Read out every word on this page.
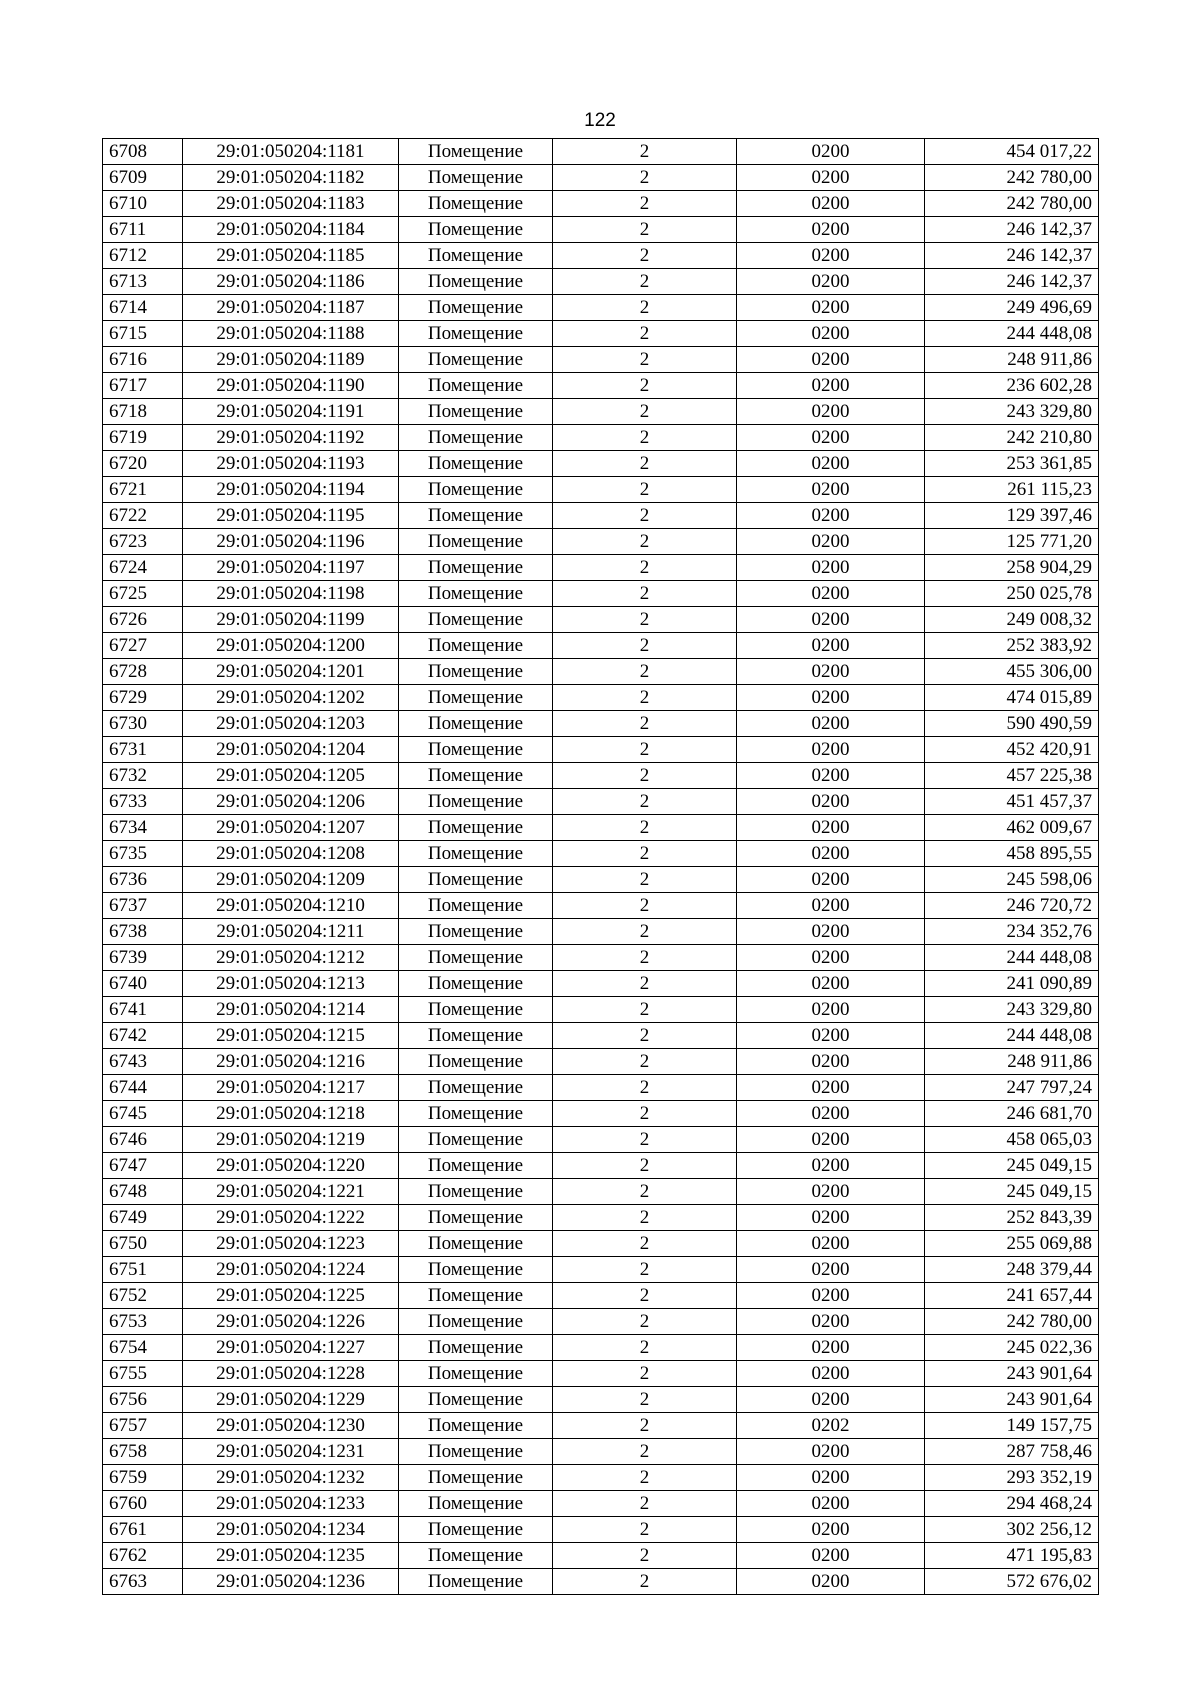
122
6708	29:01:050204:1181	Помещение	2	0200	454 017,22
6709	29:01:050204:1182	Помещение	2	0200	242 780,00
6710	29:01:050204:1183	Помещение	2	0200	242 780,00
6711	29:01:050204:1184	Помещение	2	0200	246 142,37
6712	29:01:050204:1185	Помещение	2	0200	246 142,37
6713	29:01:050204:1186	Помещение	2	0200	246 142,37
6714	29:01:050204:1187	Помещение	2	0200	249 496,69
6715	29:01:050204:1188	Помещение	2	0200	244 448,08
6716	29:01:050204:1189	Помещение	2	0200	248 911,86
6717	29:01:050204:1190	Помещение	2	0200	236 602,28
6718	29:01:050204:1191	Помещение	2	0200	243 329,80
6719	29:01:050204:1192	Помещение	2	0200	242 210,80
6720	29:01:050204:1193	Помещение	2	0200	253 361,85
6721	29:01:050204:1194	Помещение	2	0200	261 115,23
6722	29:01:050204:1195	Помещение	2	0200	129 397,46
6723	29:01:050204:1196	Помещение	2	0200	125 771,20
6724	29:01:050204:1197	Помещение	2	0200	258 904,29
6725	29:01:050204:1198	Помещение	2	0200	250 025,78
6726	29:01:050204:1199	Помещение	2	0200	249 008,32
6727	29:01:050204:1200	Помещение	2	0200	252 383,92
6728	29:01:050204:1201	Помещение	2	0200	455 306,00
6729	29:01:050204:1202	Помещение	2	0200	474 015,89
6730	29:01:050204:1203	Помещение	2	0200	590 490,59
6731	29:01:050204:1204	Помещение	2	0200	452 420,91
6732	29:01:050204:1205	Помещение	2	0200	457 225,38
6733	29:01:050204:1206	Помещение	2	0200	451 457,37
6734	29:01:050204:1207	Помещение	2	0200	462 009,67
6735	29:01:050204:1208	Помещение	2	0200	458 895,55
6736	29:01:050204:1209	Помещение	2	0200	245 598,06
6737	29:01:050204:1210	Помещение	2	0200	246 720,72
6738	29:01:050204:1211	Помещение	2	0200	234 352,76
6739	29:01:050204:1212	Помещение	2	0200	244 448,08
6740	29:01:050204:1213	Помещение	2	0200	241 090,89
6741	29:01:050204:1214	Помещение	2	0200	243 329,80
6742	29:01:050204:1215	Помещение	2	0200	244 448,08
6743	29:01:050204:1216	Помещение	2	0200	248 911,86
6744	29:01:050204:1217	Помещение	2	0200	247 797,24
6745	29:01:050204:1218	Помещение	2	0200	246 681,70
6746	29:01:050204:1219	Помещение	2	0200	458 065,03
6747	29:01:050204:1220	Помещение	2	0200	245 049,15
6748	29:01:050204:1221	Помещение	2	0200	245 049,15
6749	29:01:050204:1222	Помещение	2	0200	252 843,39
6750	29:01:050204:1223	Помещение	2	0200	255 069,88
6751	29:01:050204:1224	Помещение	2	0200	248 379,44
6752	29:01:050204:1225	Помещение	2	0200	241 657,44
6753	29:01:050204:1226	Помещение	2	0200	242 780,00
6754	29:01:050204:1227	Помещение	2	0200	245 022,36
6755	29:01:050204:1228	Помещение	2	0200	243 901,64
6756	29:01:050204:1229	Помещение	2	0200	243 901,64
6757	29:01:050204:1230	Помещение	2	0202	149 157,75
6758	29:01:050204:1231	Помещение	2	0200	287 758,46
6759	29:01:050204:1232	Помещение	2	0200	293 352,19
6760	29:01:050204:1233	Помещение	2	0200	294 468,24
6761	29:01:050204:1234	Помещение	2	0200	302 256,12
6762	29:01:050204:1235	Помещение	2	0200	471 195,83
6763	29:01:050204:1236	Помещение	2	0200	572 676,02
